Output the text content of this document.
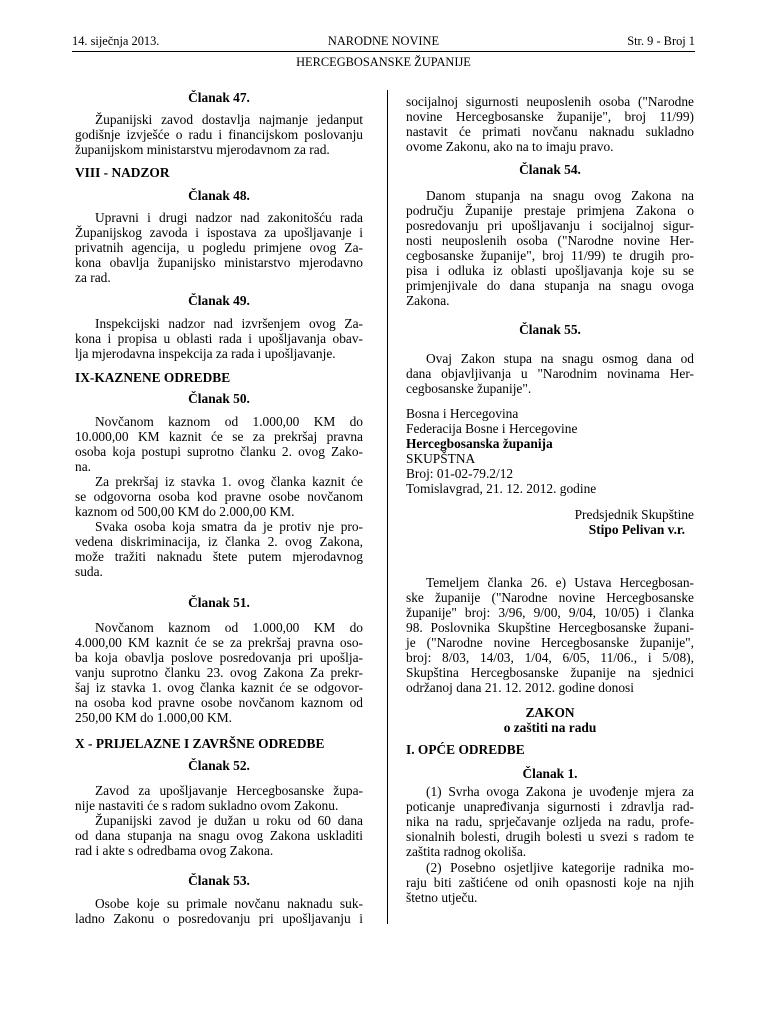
14. siječnja 2013.	NARODNE NOVINE	Str. 9 - Broj 1
HERCEGBOSANSKE ŽUPANIJE
Članak 47.
Županijski zavod dostavlja najmanje jedanput
godišnje izvješće o radu i financijskom poslovanju
županijskom ministarstvu mjerodavnom za rad.
VIII - NADZOR
Članak 48.
Upravni i drugi nadzor nad zakonitošću rada
Županijskog zavoda i ispostava za upošljavanje i
privatnih agencija, u pogledu primjene ovog Za-
kona obavlja županijsko ministarstvo mjerodavno
za rad.
Članak 49.
Inspekcijski nadzor nad izvršenjem ovog Za-
kona i propisa u oblasti rada i upošljavanja obav-
lja mjerodavna inspekcija za rada i upošljavanje.
IX-KAZNENE ODREDBE
Članak 50.
Novčanom kaznom od 1.000,00 KM do
10.000,00 KM kaznit će se za prekršaj pravna
osoba koja postupi suprotno članku 2. ovog Zako-
na.
Za prekršaj iz stavka 1. ovog članka kaznit će
se odgovorna osoba kod pravne osobe novčanom
kaznom od 500,00 KM do 2.000,00 KM.
Svaka osoba koja smatra da je protiv nje pro-
vedena diskriminacija, iz članka 2. ovog Zakona,
može tražiti naknadu štete putem mjerodavnog
suda.
Članak 51.
Novčanom kaznom od 1.000,00 KM do
4.000,00 KM kaznit će se za prekršaj pravna oso-
ba koja obavlja poslove posredovanja pri upošlja-
vanju suprotno članku 23. ovog Zakona Za prekr-
šaj iz stavka 1. ovog članka kaznit će se odgovor-
na osoba kod pravne osobe novčanom kaznom od
250,00 KM do 1.000,00 KM.
X - PRIJELAZNE I ZAVRŠNE ODREDBE
Članak 52.
Zavod za upošljavanje Hercegbosanske župa-
nije nastaviti će s radom sukladno ovom Zakonu.
Županijski zavod je dužan u roku od 60 dana
od dana stupanja na snagu ovog Zakona uskladiti
rad i akte s odredbama ovog Zakona.
Članak 53.
Osobe koje su primale novčanu naknadu suk-
ladno Zakonu o posredovanju pri upošljavanju i
socijalnoj sigurnosti neuposlenih osoba ("Narodne
novine Hercegbosanske županije", broj 11/99)
nastavit će primati novčanu naknadu sukladno
ovome Zakonu, ako na to imaju pravo.
Članak 54.
Danom stupanja na snagu ovog Zakona na
području Županije prestaje primjena Zakona o
posredovanju pri upošljavanju i socijalnoj sigur-
nosti neuposlenih osoba ("Narodne novine Her-
cegbosanske županije", broj 11/99) te drugih pro-
pisa i odluka iz oblasti upošljavanja koje su se
primjenjivale do dana stupanja na snagu ovoga
Zakona.
Članak 55.
Ovaj Zakon stupa na snagu osmog dana od
dana objavljivanja u "Narodnim novinama Her-
cegbosanske županije".
Bosna i Hercegovina
Federacija Bosne i Hercegovine
Hercegbosanska županija
SKUPŠTNA
Broj: 01-02-79.2/12
Tomislavgrad, 21. 12. 2012. godine
Predsjednik Skupštine
Stipo Pelivan v.r.
Temeljem članka 26. e) Ustava Hercegbosan-
ske županije ("Narodne novine Hercegbosanske
županije" broj: 3/96, 9/00, 9/04, 10/05) i članka
98. Poslovnika Skupštine Hercegbosanske župani-
je ("Narodne novine Hercegbosanske županije",
broj: 8/03, 14/03, 1/04, 6/05, 11/06., i 5/08),
Skupština Hercegbosanske županije na sjednici
održanoj dana 21. 12. 2012. godine donosi
ZAKON
o zaštiti na radu
I. OPĆE ODREDBE
Članak 1.
(1) Svrha ovoga Zakona je uvođenje mjera za
poticanje unapređivanja sigurnosti i zdravlja rad-
nika na radu, sprječavanje ozljeda na radu, profe-
sionalnih bolesti, drugih bolesti u svezi s radom te
zaštita radnog okoliša.
(2) Posebno osjetljive kategorije radnika mo-
raju biti zaštićene od onih opasnosti koje na njih
štetno utječu.
